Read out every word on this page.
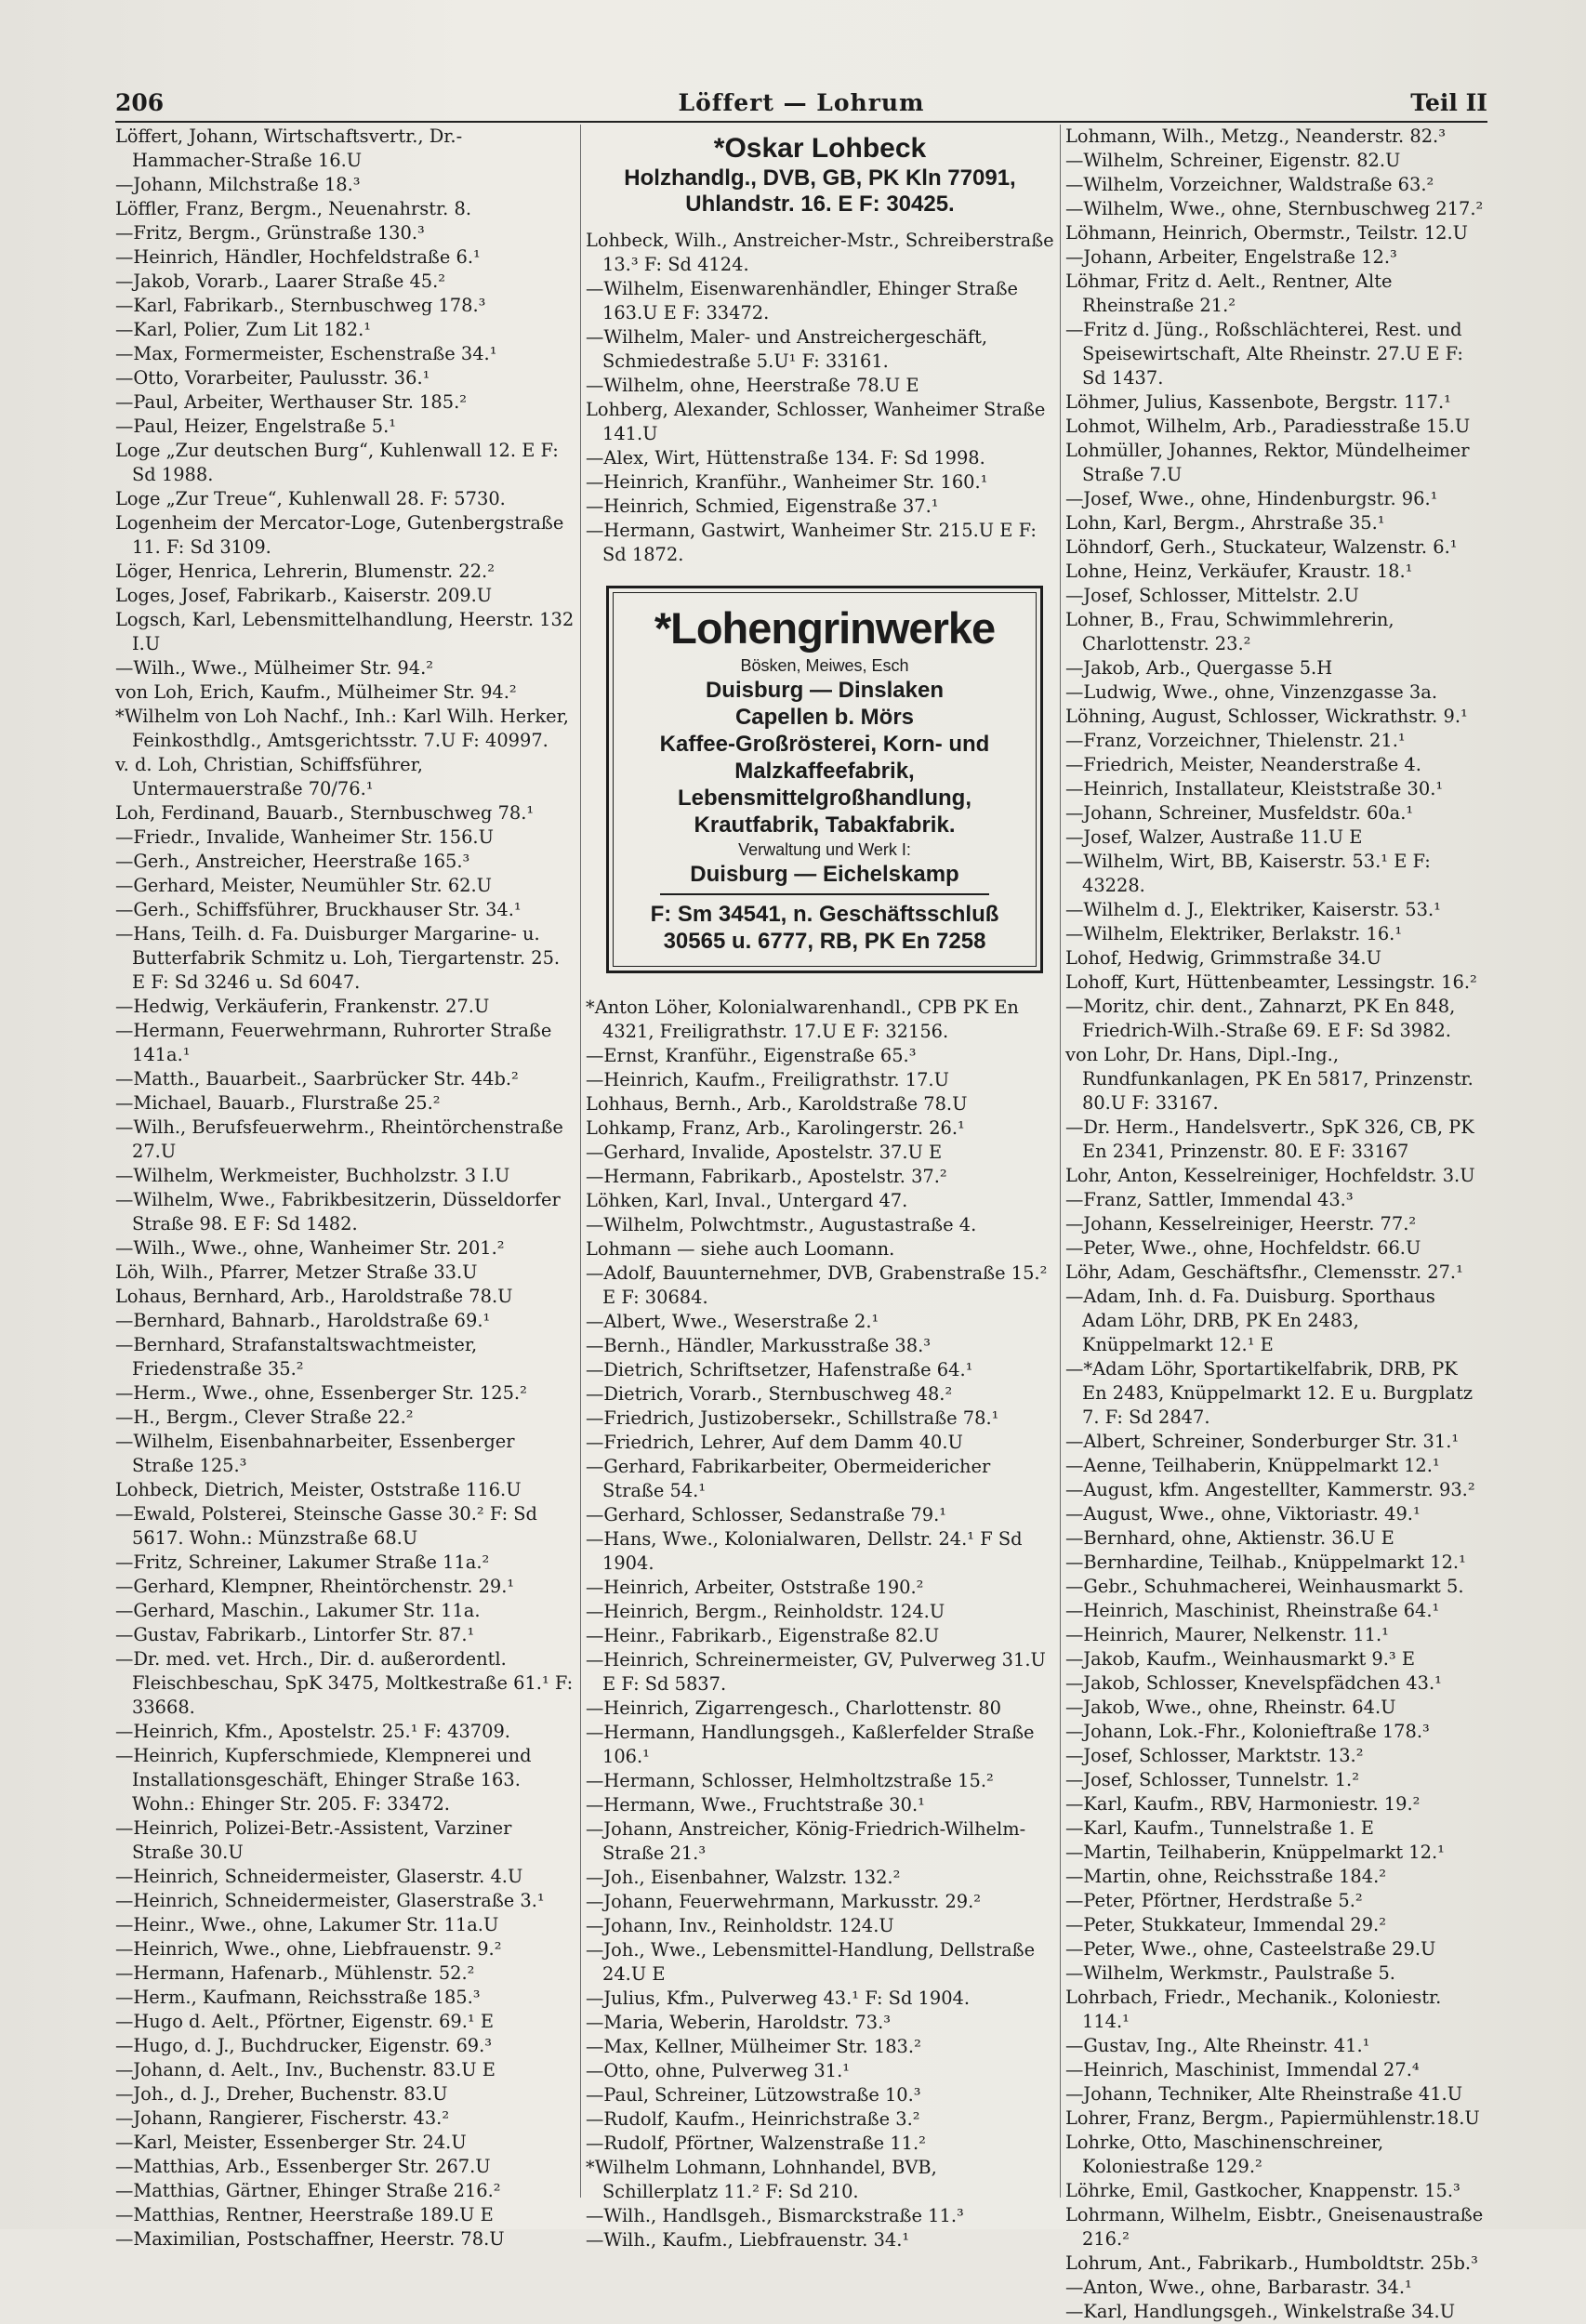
206	Löffert — Lohrum	Teil II

Löffert, Johann, Wirtschaftsvertr., Dr.-Hammacher-Straße 16.U

—Johann, Milchstraße 18.³

Löffler, Franz, Bergm., Neuenahrstr. 8.

—Fritz, Bergm., Grünstraße 130.³

—Heinrich, Händler, Hochfeldstraße 6.¹

—Jakob, Vorarb., Laarer Straße 45.²

—Karl, Fabrikarb., Sternbuschweg 178.³

—Karl, Polier, Zum Lit 182.¹

—Max, Formermeister, Eschenstraße 34.¹

—Otto, Vorarbeiter, Paulusstr. 36.¹

—Paul, Arbeiter, Werthauser Str. 185.²

—Paul, Heizer, Engelstraße 5.¹

Loge „Zur deutschen Burg“, Kuhlenwall 12. E F: Sd 1988.

Loge „Zur Treue“, Kuhlenwall 28. F: 5730.

Logenheim der Mercator-Loge, Gutenbergstraße 11. F: Sd 3109.

Löger, Henrica, Lehrerin, Blumenstr. 22.²

Loges, Josef, Fabrikarb., Kaiserstr. 209.U

Logsch, Karl, Lebensmittelhandlung, Heerstr. 132 I.U

—Wilh., Wwe., Mülheimer Str. 94.²

von Loh, Erich, Kaufm., Mülheimer Str. 94.²

*Wilhelm von Loh Nachf., Inh.: Karl Wilh. Herker, Feinkosthdlg., Amtsgerichtsstr. 7.U F: 40997.

v. d. Loh, Christian, Schiffsführer, Untermauerstraße 70/76.¹

Loh, Ferdinand, Bauarb., Sternbuschweg 78.¹

—Friedr., Invalide, Wanheimer Str. 156.U

—Gerh., Anstreicher, Heerstraße 165.³

—Gerhard, Meister, Neumühler Str. 62.U

—Gerh., Schiffsführer, Bruckhauser Str. 34.¹

—Hans, Teilh. d. Fa. Duisburger Margarine- u. Butterfabrik Schmitz u. Loh, Tiergartenstr. 25. E F: Sd 3246 u. Sd 6047.

—Hedwig, Verkäuferin, Frankenstr. 27.U

—Hermann, Feuerwehrmann, Ruhrorter Straße 141a.¹

—Matth., Bauarbeit., Saarbrücker Str. 44b.²

—Michael, Bauarb., Flurstraße 25.²

—Wilh., Berufsfeuerwehrm., Rheintörchenstraße 27.U

—Wilhelm, Werkmeister, Buchholzstr. 3 I.U

—Wilhelm, Wwe., Fabrikbesitzerin, Düsseldorfer Straße 98. E F: Sd 1482.

—Wilh., Wwe., ohne, Wanheimer Str. 201.²

Löh, Wilh., Pfarrer, Metzer Straße 33.U

Lohaus, Bernhard, Arb., Haroldstraße 78.U

—Bernhard, Bahnarb., Haroldstraße 69.¹

—Bernhard, Strafanstaltswachtmeister, Friedenstraße 35.²

—Herm., Wwe., ohne, Essenberger Str. 125.²

—H., Bergm., Clever Straße 22.²

—Wilhelm, Eisenbahnarbeiter, Essenberger Straße 125.³

Lohbeck, Dietrich, Meister, Oststraße 116.U

—Ewald, Polsterei, Steinsche Gasse 30.² F: Sd 5617. Wohn.: Münzstraße 68.U

—Fritz, Schreiner, Lakumer Straße 11a.²

—Gerhard, Klempner, Rheintörchenstr. 29.¹

—Gerhard, Maschin., Lakumer Str. 11a.

—Gustav, Fabrikarb., Lintorfer Str. 87.¹

—Dr. med. vet. Hrch., Dir. d. außerordentl. Fleischbeschau, SpK 3475, Moltkestraße 61.¹ F: 33668.

—Heinrich, Kfm., Apostelstr. 25.¹ F: 43709.

—Heinrich, Kupferschmiede, Klempnerei und Installationsgeschäft, Ehinger Straße 163. Wohn.: Ehinger Str. 205. F: 33472.

—Heinrich, Polizei-Betr.-Assistent, Varziner Straße 30.U

—Heinrich, Schneidermeister, Glaserstr. 4.U

—Heinrich, Schneidermeister, Glaserstraße 3.¹

—Heinr., Wwe., ohne, Lakumer Str. 11a.U

—Heinrich, Wwe., ohne, Liebfrauenstr. 9.²

—Hermann, Hafenarb., Mühlenstr. 52.²

—Herm., Kaufmann, Reichsstraße 185.³

—Hugo d. Aelt., Pförtner, Eigenstr. 69.¹ E

—Hugo, d. J., Buchdrucker, Eigenstr. 69.³

—Johann, d. Aelt., Inv., Buchenstr. 83.U E

—Joh., d. J., Dreher, Buchenstr. 83.U

—Johann, Rangierer, Fischerstr. 43.²

—Karl, Meister, Essenberger Str. 24.U

—Matthias, Arb., Essenberger Str. 267.U

—Matthias, Gärtner, Ehinger Straße 216.²

—Matthias, Rentner, Heerstraße 189.U E

—Maximilian, Postschaffner, Heerstr. 78.U

*Oskar Lohbeck
Holzhandlg., DVB, GB, PK Kln 77091,
Uhlandstr. 16. E F: 30425.

Lohbeck, Wilh., Anstreicher-Mstr., Schreiberstraße 13.³ F: Sd 4124.

—Wilhelm, Eisenwarenhändler, Ehinger Straße 163.U E F: 33472.

—Wilhelm, Maler- und Anstreichergeschäft, Schmiedestraße 5.U¹ F: 33161.

—Wilhelm, ohne, Heerstraße 78.U E

Lohberg, Alexander, Schlosser, Wanheimer Straße 141.U

—Alex, Wirt, Hüttenstraße 134. F: Sd 1998.

—Heinrich, Kranführ., Wanheimer Str. 160.¹

—Heinrich, Schmied, Eigenstraße 37.¹

—Hermann, Gastwirt, Wanheimer Str. 215.U E F: Sd 1872.

*Lohengrinwerke
Bösken, Meiwes, Esch
Duisburg — Dinslaken
Capellen b. Mörs
Kaffee-Großrösterei, Korn- und
Malzkaffeefabrik,
Lebensmittelgroßhandlung,
Krautfabrik, Tabakfabrik.
Verwaltung und Werk I:
Duisburg — Eichelskamp
F: Sm 34541, n. Geschäftsschluß
30565 u. 6777, RB, PK En 7258

*Anton Löher, Kolonialwarenhandl., CPB PK En 4321, Freiligrathstr. 17.U E F: 32156.

—Ernst, Kranführ., Eigenstraße 65.³

—Heinrich, Kaufm., Freiligrathstr. 17.U

Lohhaus, Bernh., Arb., Karoldstraße 78.U

Lohkamp, Franz, Arb., Karolingerstr. 26.¹

—Gerhard, Invalide, Apostelstr. 37.U E

—Hermann, Fabrikarb., Apostelstr. 37.²

Löhken, Karl, Inval., Untergard 47.

—Wilhelm, Polwchtmstr., Augustastraße 4.

Lohmann — siehe auch Loomann.

—Adolf, Bauunternehmer, DVB, Grabenstraße 15.² E F: 30684.

—Albert, Wwe., Weserstraße 2.¹

—Bernh., Händler, Markusstraße 38.³

—Dietrich, Schriftsetzer, Hafenstraße 64.¹

—Dietrich, Vorarb., Sternbuschweg 48.²

—Friedrich, Justizobersekr., Schillstraße 78.¹

—Friedrich, Lehrer, Auf dem Damm 40.U

—Gerhard, Fabrikarbeiter, Obermeidericher Straße 54.¹

—Gerhard, Schlosser, Sedanstraße 79.¹

—Hans, Wwe., Kolonialwaren, Dellstr. 24.¹ F Sd 1904.

—Heinrich, Arbeiter, Oststraße 190.²

—Heinrich, Bergm., Reinholdstr. 124.U

—Heinr., Fabrikarb., Eigenstraße 82.U

—Heinrich, Schreinermeister, GV, Pulverweg 31.U E F: Sd 5837.

—Heinrich, Zigarrengesch., Charlottenstr. 80

—Hermann, Handlungsgeh., Kaßlerfelder Straße 106.¹

—Hermann, Schlosser, Helmholtzstraße 15.²

—Hermann, Wwe., Fruchtstraße 30.¹

—Johann, Anstreicher, König-Friedrich-Wilhelm-Straße 21.³

—Joh., Eisenbahner, Walzstr. 132.²

—Johann, Feuerwehrmann, Markusstr. 29.²

—Johann, Inv., Reinholdstr. 124.U

—Joh., Wwe., Lebensmittel-Handlung, Dellstraße 24.U E

—Julius, Kfm., Pulverweg 43.¹ F: Sd 1904.

—Maria, Weberin, Haroldstr. 73.³

—Max, Kellner, Mülheimer Str. 183.²

—Otto, ohne, Pulverweg 31.¹

—Paul, Schreiner, Lützowstraße 10.³

—Rudolf, Kaufm., Heinrichstraße 3.²

—Rudolf, Pförtner, Walzenstraße 11.²

*Wilhelm Lohmann, Lohnhandel, BVB, Schillerplatz 11.² F: Sd 210.

—Wilh., Handlsgeh., Bismarckstraße 11.³

—Wilh., Kaufm., Liebfrauenstr. 34.¹

Lohmann, Wilh., Metzg., Neanderstr. 82.³

—Wilhelm, Schreiner, Eigenstr. 82.U

—Wilhelm, Vorzeichner, Waldstraße 63.²

—Wilhelm, Wwe., ohne, Sternbuschweg 217.²

Löhmann, Heinrich, Obermstr., Teilstr. 12.U

—Johann, Arbeiter, Engelstraße 12.³

Löhmar, Fritz d. Aelt., Rentner, Alte Rheinstraße 21.²

—Fritz d. Jüng., Roßschlächterei, Rest. und Speisewirtschaft, Alte Rheinstr. 27.U E F: Sd 1437.

Löhmer, Julius, Kassenbote, Bergstr. 117.¹

Lohmot, Wilhelm, Arb., Paradiesstraße 15.U

Lohmüller, Johannes, Rektor, Mündelheimer Straße 7.U

—Josef, Wwe., ohne, Hindenburgstr. 96.¹

Lohn, Karl, Bergm., Ahrstraße 35.¹

Löhndorf, Gerh., Stuckateur, Walzenstr. 6.¹

Lohne, Heinz, Verkäufer, Kraustr. 18.¹

—Josef, Schlosser, Mittelstr. 2.U

Lohner, B., Frau, Schwimmlehrerin, Charlottenstr. 23.²

—Jakob, Arb., Quergasse 5.H

—Ludwig, Wwe., ohne, Vinzenzgasse 3a.

Löhning, August, Schlosser, Wickrathstr. 9.¹

—Franz, Vorzeichner, Thielenstr. 21.¹

—Friedrich, Meister, Neanderstraße 4.

—Heinrich, Installateur, Kleiststraße 30.¹

—Johann, Schreiner, Musfeldstr. 60a.¹

—Josef, Walzer, Austraße 11.U E

—Wilhelm, Wirt, BB, Kaiserstr. 53.¹ E F: 43228.

—Wilhelm d. J., Elektriker, Kaiserstr. 53.¹

—Wilhelm, Elektriker, Berlakstr. 16.¹

Lohof, Hedwig, Grimmstraße 34.U

Lohoff, Kurt, Hüttenbeamter, Lessingstr. 16.²

—Moritz, chir. dent., Zahnarzt, PK En 848, Friedrich-Wilh.-Straße 69. E F: Sd 3982.

von Lohr, Dr. Hans, Dipl.-Ing., Rundfunkanlagen, PK En 5817, Prinzenstr. 80.U F: 33167.

—Dr. Herm., Handelsvertr., SpK 326, CB, PK En 2341, Prinzenstr. 80. E F: 33167

Lohr, Anton, Kesselreiniger, Hochfeldstr. 3.U

—Franz, Sattler, Immendal 43.³

—Johann, Kesselreiniger, Heerstr. 77.²

—Peter, Wwe., ohne, Hochfeldstr. 66.U

Löhr, Adam, Geschäftsfhr., Clemensstr. 27.¹

—Adam, Inh. d. Fa. Duisburg. Sporthaus Adam Löhr, DRB, PK En 2483, Knüppelmarkt 12.¹ E

—*Adam Löhr, Sportartikelfabrik, DRB, PK En 2483, Knüppelmarkt 12. E u. Burgplatz 7. F: Sd 2847.

—Albert, Schreiner, Sonderburger Str. 31.¹

—Aenne, Teilhaberin, Knüppelmarkt 12.¹

—August, kfm. Angestellter, Kammerstr. 93.²

—August, Wwe., ohne, Viktoriastr. 49.¹

—Bernhard, ohne, Aktienstr. 36.U E

—Bernhardine, Teilhab., Knüppelmarkt 12.¹

—Gebr., Schuhmacherei, Weinhausmarkt 5.

—Heinrich, Maschinist, Rheinstraße 64.¹

—Heinrich, Maurer, Nelkenstr. 11.¹

—Jakob, Kaufm., Weinhausmarkt 9.³ E

—Jakob, Schlosser, Knevelspfädchen 43.¹

—Jakob, Wwe., ohne, Rheinstr. 64.U

—Johann, Lok.-Fhr., Kolonieftraße 178.³

—Josef, Schlosser, Marktstr. 13.²

—Josef, Schlosser, Tunnelstr. 1.²

—Karl, Kaufm., RBV, Harmoniestr. 19.²

—Karl, Kaufm., Tunnelstraße 1. E

—Martin, Teilhaberin, Knüppelmarkt 12.¹

—Martin, ohne, Reichsstraße 184.²

—Peter, Pförtner, Herdstraße 5.²

—Peter, Stukkateur, Immendal 29.²

—Peter, Wwe., ohne, Casteelstraße 29.U

—Wilhelm, Werkmstr., Paulstraße 5.

Lohrbach, Friedr., Mechanik., Koloniestr. 114.¹

—Gustav, Ing., Alte Rheinstr. 41.¹

—Heinrich, Maschinist, Immendal 27.⁴

—Johann, Techniker, Alte Rheinstraße 41.U

Lohrer, Franz, Bergm., Papiermühlenstr.18.U

Lohrke, Otto, Maschinenschreiner, Koloniestraße 129.²

Löhrke, Emil, Gastkocher, Knappenstr. 15.³

Lohrmann, Wilhelm, Eisbtr., Gneisenaustraße 216.²

Lohrum, Ant., Fabrikarb., Humboldtstr. 25b.³

—Anton, Wwe., ohne, Barbarastr. 34.¹

—Karl, Handlungsgeh., Winkelstraße 34.U
